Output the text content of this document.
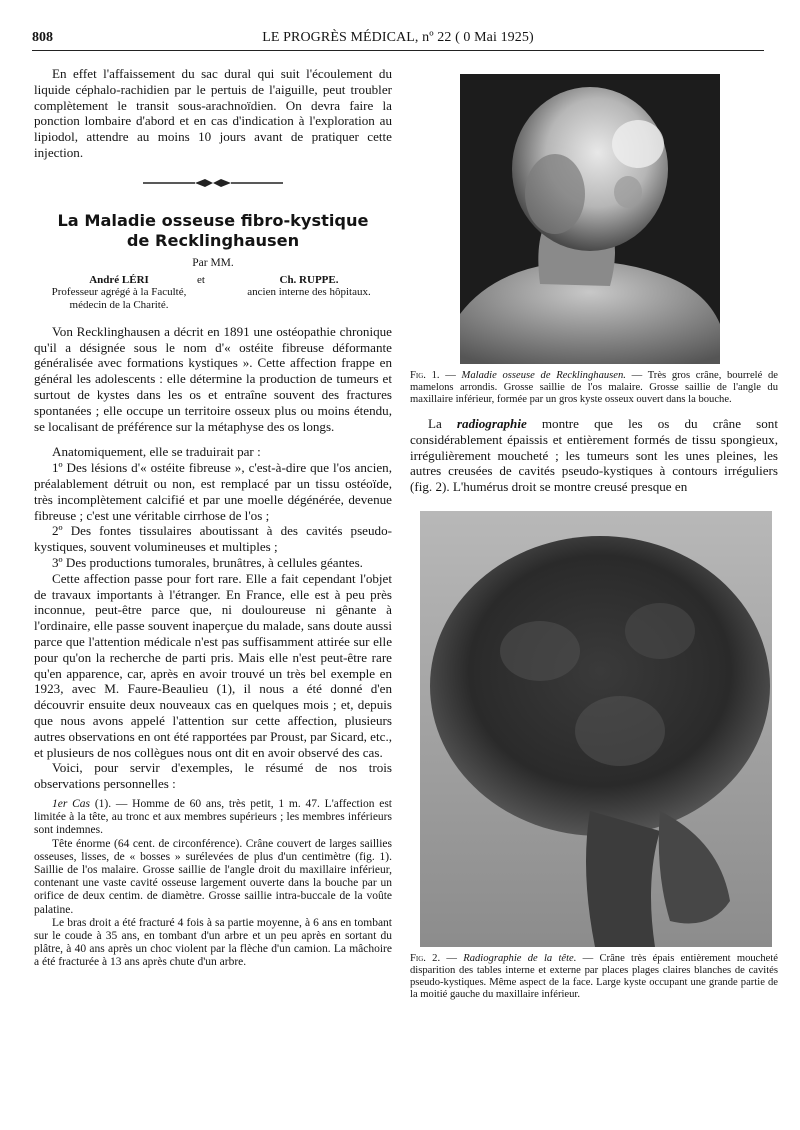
808	LE PROGRÈS MÉDICAL, nº 22 ( 0 Mai 1925)

En effet l'affaissement du sac dural qui suit l'écoulement du liquide céphalo-rachidien par le pertuis de l'aiguille, peut troubler complètement le transit sous-arachnoïdien. On devra faire la ponction lombaire d'abord et en cas d'indication à l'exploration au lipiodol, attendre au moins 10 jours avant de pratiquer cette injection.

La Maladie osseuse fibro-kystique

de Recklinghausen

Par MM.
André LÉRI
Professeur agrégé à la Faculté, médecin de la Charité.
et	Ch. RUPPE.
ancien interne des hôpitaux.

Von Recklinghausen a décrit en 1891 une ostéopathie chronique qu'il a désignée sous le nom d'« ostéite fibreuse déformante généralisée avec formations kystiques ». Cette affection frappe en général les adolescents : elle détermine la production de tumeurs et surtout de kystes dans les os et entraîne souvent des fractures spontanées ; elle occupe un territoire osseux plus ou moins étendu, se localisant de préférence sur la métaphyse des os longs.

Anatomiquement, elle se traduirait par :

1º Des lésions d'« ostéite fibreuse », c'est-à-dire que l'os ancien, préalablement détruit ou non, est remplacé par un tissu ostéoïde, très incomplètement calcifié et par une moelle dégénérée, devenue fibreuse ; c'est une véritable cirrhose de l'os ;

2º Des fontes tissulaires aboutissant à des cavités pseudo-kystiques, souvent volumineuses et multiples ;

3º Des productions tumorales, brunâtres, à cellules géantes.

Cette affection passe pour fort rare. Elle a fait cependant l'objet de travaux importants à l'étranger. En France, elle est à peu près inconnue, peut-être parce que, ni douloureuse ni gênante à l'ordinaire, elle passe souvent inaperçue du malade, sans doute aussi parce que l'attention médicale n'est pas suffisamment attirée sur elle pour qu'on la recherche de parti pris. Mais elle n'est peut-être rare qu'en apparence, car, après en avoir trouvé un très bel exemple en 1923, avec M. Faure-Beaulieu (1), il nous a été donné d'en découvrir ensuite deux nouveaux cas en quelques mois ; et, depuis que nous avons appelé l'attention sur cette affection, plusieurs autres observations en ont été rapportées par Proust, par Sicard, etc., et plusieurs de nos collègues nous ont dit en avoir observé des cas.

Voici, pour servir d'exemples, le résumé de nos trois observations personnelles :

1er Cas (1). — Homme de 60 ans, très petit, 1 m. 47. L'affection est limitée à la tête, au tronc et aux membres supérieurs ; les membres inférieurs sont indemnes.

Tête énorme (64 cent. de circonférence). Crâne couvert de larges saillies osseuses, lisses, de « bosses » surélevées de plus d'un centimètre (fig. 1). Saillie de l'os malaire. Grosse saillie de l'angle droit du maxillaire inférieur, contenant une vaste cavité osseuse largement ouverte dans la bouche par un orifice de deux centim. de diamètre. Grosse saillie intra-buccale de la voûte palatine.

Le bras droit a été fracturé 4 fois à sa partie moyenne, à 6 ans en tombant sur le coude à 35 ans, en tombant d'un arbre et un peu après en sortant du plâtre, à 40 ans après un choc violent par la flèche d'un camion. La mâchoire a été fracturée à 13 ans après chute d'un arbre.

Fig. 1. — Maladie osseuse de Recklinghausen. — Très gros crâne, bourrelé de mamelons arrondis. Grosse saillie de l'os malaire. Grosse saillie de l'angle du maxillaire inférieur, formée par un gros kyste osseux ouvert dans la bouche.

La radiographie montre que les os du crâne sont considérablement épaissis et entièrement formés de tissu spongieux, irrégulièrement moucheté ; les tumeurs sont les unes pleines, les autres creusées de cavités pseudo-kystiques à contours irréguliers (fig. 2). L'humérus droit se montre creusé presque en

Fig. 2. — Radiographie de la tête. — Crâne très épais entièrement moucheté disparition des tables interne et externe par places plages claires blanches de cavités pseudo-kystiques. Même aspect de la face. Large kyste occupant une grande partie de la moitié gauche du maxillaire inférieur.
